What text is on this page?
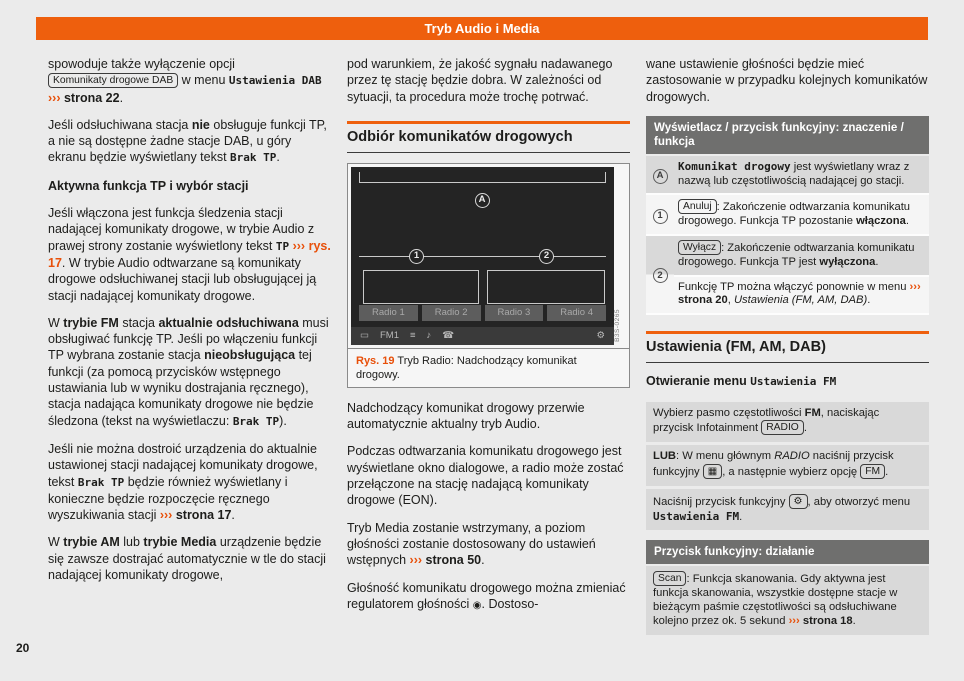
Tryb Audio i Media

spowoduje także wyłączenie opcji Komunikaty drogowe DAB w menu Ustawienia DAB ››› strona 22.

Jeśli odsłuchiwana stacja nie obsługuje funkcji TP, a nie są dostępne żadne stacje DAB, u góry ekranu będzie wyświetlany tekst Brak TP.

Aktywna funkcja TP i wybór stacji

Jeśli włączona jest funkcja śledzenia stacji nadającej komunikaty drogowe, w trybie Audio z prawej strony zostanie wyświetlony tekst TP ››› rys. 17. W trybie Audio odtwarzane są komunikaty drogowe odsłuchiwanej stacji lub obsługującej ją stacji nadającej komunikaty drogowe.

W trybie FM stacja aktualnie odsłuchiwana musi obsługiwać funkcję TP. Jeśli po włączeniu funkcji TP wybrana zostanie stacja nieobsługująca tej funkcji (za pomocą przycisków wstępnego ustawiania lub w wyniku dostrajania ręcznego), stacja nadająca komunikaty drogowe nie będzie śledzona (tekst na wyświetlaczu: Brak TP).

Jeśli nie można dostroić urządzenia do aktualnie ustawionej stacji nadającej komunikaty drogowe, tekst Brak TP będzie również wyświetlany i konieczne będzie rozpoczęcie ręcznego wyszukiwania stacji ››› strona 17.

W trybie AM lub trybie Media urządzenie będzie się zawsze dostrajać automatycznie w tle do stacji nadającej komunikaty drogowe,

pod warunkiem, że jakość sygnału nadawanego przez tę stację będzie dobra. W zależności od sytuacji, ta procedura może trochę potrwać.

Odbiór komunikatów drogowych
A
1	2
Radio 1	Radio 2	Radio 3	Radio 4
▭ FM1 ≡ ♪ ☎	⚙	B3S-0265
Rys. 19 Tryb Radio: Nadchodzący komunikat drogowy.

Nadchodzący komunikat drogowy przerwie automatycznie aktualny tryb Audio.

Podczas odtwarzania komunikatu drogowego jest wyświetlane okno dialogowe, a radio może zostać przełączone na stację nadającą komunikaty drogowe (EON).

Tryb Media zostanie wstrzymany, a poziom głośności zostanie dostosowany do ustawień wstępnych ››› strona 50.

Głośność komunikatu drogowego można zmieniać regulatorem głośności ◉. Dostoso-

wane ustawienie głośności będzie mieć zastosowanie w przypadku kolejnych komunikatów drogowych.

Wyświetlacz / przycisk funkcyjny: znaczenie / funkcja
A	Komunikat drogowy jest wyświetlany wraz z nazwą lub częstotliwością nadającej go stacji.
1	Anuluj : Zakończenie odtwarzania komunikatu drogowego. Funkcja TP pozostanie włączona.
2	Wyłącz : Zakończenie odtwarzania komunikatu drogowego. Funkcja TP jest wyłączona.
	Funkcję TP można włączyć ponownie w menu ››› strona 20, Ustawienia (FM, AM, DAB).
Ustawienia (FM, AM, DAB)

Otwieranie menu Ustawienia FM

Wybierz pasmo częstotliwości FM, naciskając przycisk Infotainment RADIO .
LUB: W menu głównym RADIO naciśnij przycisk funkcyjny ▦ , a następnie wybierz opcję FM .
Naciśnij przycisk funkcyjny ⚙ , aby otworzyć menu Ustawienia FM.
Przycisk funkcyjny: działanie
Scan : Funkcja skanowania. Gdy aktywna jest funkcja skanowania, wszystkie dostępne stacje w bieżącym paśmie częstotliwości są odsłuchiwane kolejno przez ok. 5 sekund ››› strona 18.
20
